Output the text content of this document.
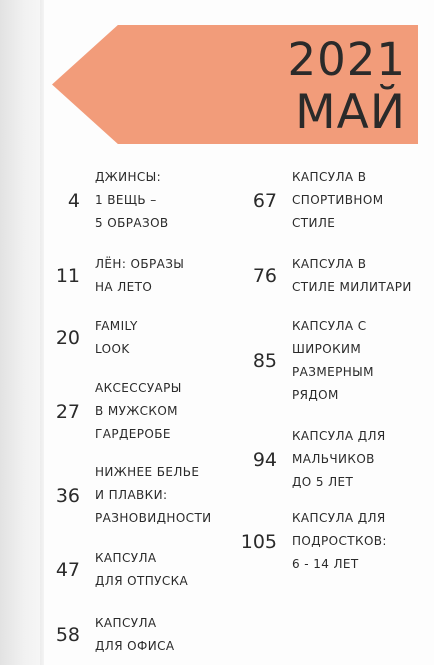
2021
МАЙ
4
ДЖИНСЫ:
1 ВЕЩЬ –
5 ОБРАЗОВ
11
ЛЁН: ОБРАЗЫ
НА ЛЕТО
20
FAMILY
LOOK
27
АКСЕССУАРЫ
В МУЖСКОМ
ГАРДЕРОБЕ
36
НИЖНЕЕ БЕЛЬЕ
И ПЛАВКИ:
РАЗНОВИДНОСТИ
47
КАПСУЛА
ДЛЯ ОТПУСКА
58
КАПСУЛА
ДЛЯ ОФИСА
67
КАПСУЛА В
СПОРТИВНОМ
СТИЛЕ
76
КАПСУЛА В
СТИЛЕ МИЛИТАРИ
85
КАПСУЛА С
ШИРОКИМ
РАЗМЕРНЫМ
РЯДОМ
94
КАПСУЛА ДЛЯ
МАЛЬЧИКОВ
ДО 5 ЛЕТ
105
КАПСУЛА ДЛЯ
ПОДРОСТКОВ:
6 - 14 ЛЕТ
